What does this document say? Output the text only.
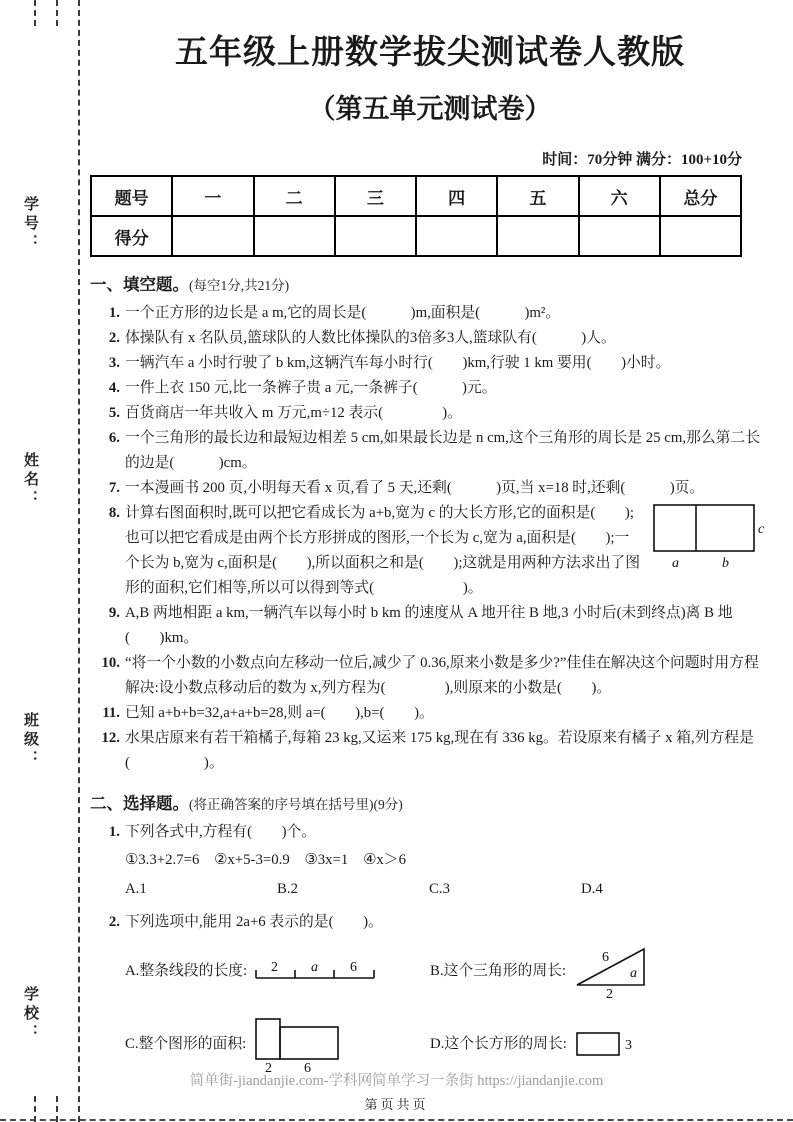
学号：
姓名：
班级：
学校：
五年级上册数学拔尖测试卷人教版
（第五单元测试卷）
时间：70分钟 满分：100+10分
题号	一	二	三	四	五	六	总分
得分							
一、填空题。(每空1分,共21分)
1. 一个正方形的边长是 a m,它的周长是(　　　)m,面积是(　　　)m²。
2. 体操队有 x 名队员,篮球队的人数比体操队的3倍多3人,篮球队有(　　　)人。
3. 一辆汽车 a 小时行驶了 b km,这辆汽车每小时行(　　)km,行驶 1 km 要用(　　)小时。
4. 一件上衣 150 元,比一条裤子贵 a 元,一条裤子(　　　)元。
5. 百货商店一年共收入 m 万元,m÷12 表示(　　　　)。
6. 一个三角形的最长边和最短边相差 5 cm,如果最长边是 n cm,这个三角形的周长是 25 cm,那么第二长的边是(　　　)cm。
7. 一本漫画书 200 页,小明每天看 x 页,看了 5 天,还剩(　　　)页,当 x=18 时,还剩(　　　)页。
8.
a	b
c
计算右图面积时,既可以把它看成长为 a+b,宽为 c 的大长方形,它的面积是(　　);也可以把它看成是由两个长方形拼成的图形,一个长为 c,宽为 a,面积是(　　);一个长为 b,宽为 c,面积是(　　),所以面积之和是(　　);这就是用两种方法求出了图形的面积,它们相等,所以可以得到等式(　　　　　　)。
9. A,B 两地相距 a km,一辆汽车以每小时 b km 的速度从 A 地开往 B 地,3 小时后(未到终点)离 B 地(　　)km。
10. “将一个小数的小数点向左移动一位后,减少了 0.36,原来小数是多少?”佳佳在解决这个问题时用方程解决:设小数点移动后的数为 x,列方程为(　　　　),则原来的小数是(　　)。
11. 已知 a+b+b=32,a+a+b=28,则 a=(　　),b=(　　)。
12. 水果店原来有若干箱橘子,每箱 23 kg,又运来 175 kg,现在有 336 kg。若设原来有橘子 x 箱,列方程是(　　　　　)。
二、选择题。(将正确答案的序号填在括号里)(9分)
1. 下列各式中,方程有(　　)个。
①3.3+2.7=6　②x+5-3=0.9　③3x=1　④x＞6
A.1	B.2	C.3	D.4
2. 下列选项中,能用 2a+6 表示的是(　　)。
A.整条线段的长度: 2 a 6	B.这个三角形的周长:
6
a
2
C.整个图形的面积:
2 6
D.这个长方形的周长:	3
简单街-jiandanjie.com-学科网简单学习一条街 https://jiandanjie.com
第页共页
